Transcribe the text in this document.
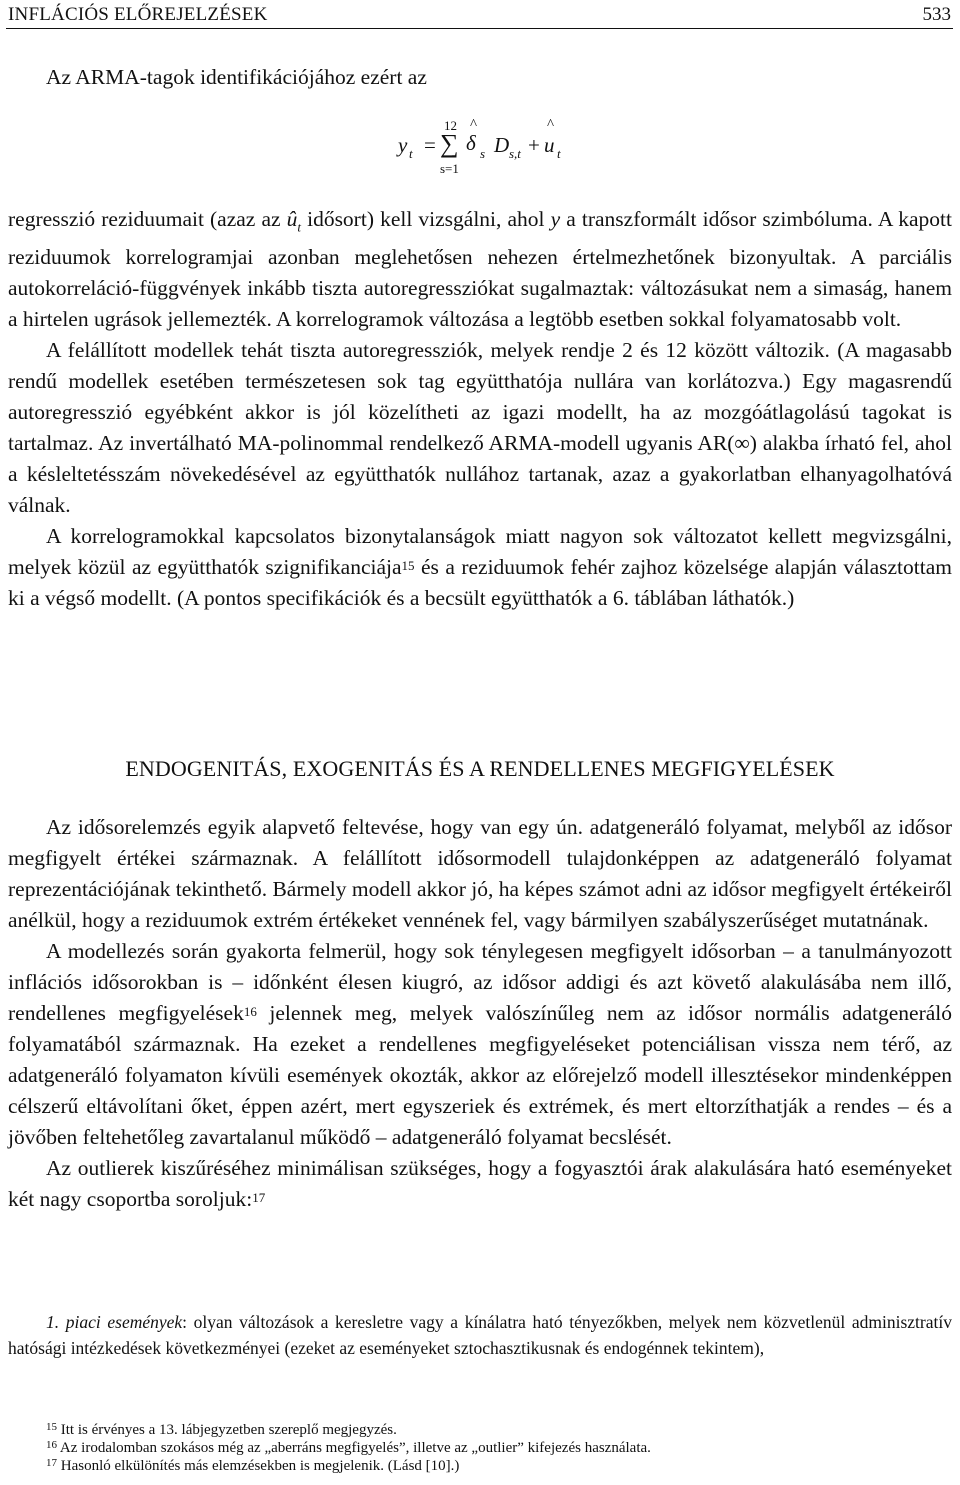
INFLÁCIÓS ELŐREJELZÉSEK	533

Az ARMA-tagok identifikációjához ezért az

y t =
12
∑
s=1
^
δ s D s,t +
^
u t

regresszió reziduumait (azaz az $û_t$ idősort) kell vizsgálni, ahol y a transzformált idősor szimbóluma. A kapott reziduumok korrelogramjai azonban meglehetősen nehezen értelmezhetőnek bizonyultak. A parciális autokorreláció-függvények inkább tiszta autoregressziókat sugalmaztak: változásukat nem a simaság, hanem a hirtelen ugrások jellemezték. A korrelogramok változása a legtöbb esetben sokkal folyamatosabb volt.

A felállított modellek tehát tiszta autoregressziók, melyek rendje 2 és 12 között változik. (A magasabb rendű modellek esetében természetesen sok tag együtthatója nullára van korlátozva.) Egy magasrendű autoregresszió egyébként akkor is jól közelítheti az igazi modellt, ha az mozgóátlagolású tagokat is tartalmaz. Az invertálható MA-polinommal rendelkező ARMA-modell ugyanis AR(∞) alakba írható fel, ahol a késleltetésszám növekedésével az együtthatók nullához tartanak, azaz a gyakorlatban elhanyagolhatóvá válnak.

A korrelogramokkal kapcsolatos bizonytalanságok miatt nagyon sok változatot kellett megvizsgálni, melyek közül az együtthatók szignifikanciája$^{15}$ és a reziduumok fehér zajhoz közelsége alapján választottam ki a végső modellt. (A pontos specifikációk és a becsült együtthatók a 6. táblában láthatók.)

ENDOGENITÁS, EXOGENITÁS ÉS A RENDELLENES MEGFIGYELÉSEK

Az idősorelemzés egyik alapvető feltevése, hogy van egy ún. adatgeneráló folyamat, melyből az idősor megfigyelt értékei származnak. A felállított idősormodell tulajdonképpen az adatgeneráló folyamat reprezentációjának tekinthető. Bármely modell akkor jó, ha képes számot adni az idősor megfigyelt értékeiről anélkül, hogy a reziduumok extrém értékeket vennének fel, vagy bármilyen szabályszerűséget mutatnának.

A modellezés során gyakorta felmerül, hogy sok ténylegesen megfigyelt idősorban – a tanulmányozott inflációs idősorokban is – időnként élesen kiugró, az idősor addigi és azt követő alakulásába nem illő, rendellenes megfigyelések$^{16}$ jelennek meg, melyek valószínűleg nem az idősor normális adatgeneráló folyamatából származnak. Ha ezeket a rendellenes megfigyeléseket potenciálisan vissza nem térő, az adatgeneráló folyamaton kívüli események okozták, akkor az előrejelző modell illesztésekor mindenképpen célszerű eltávolítani őket, éppen azért, mert egyszeriek és extrémek, és mert eltorzíthatják a rendes – és a jövőben feltehetőleg zavartalanul működő – adatgeneráló folyamat becslését.

Az outlierek kiszűréséhez minimálisan szükséges, hogy a fogyasztói árak alakulására ható eseményeket két nagy csoportba soroljuk:$^{17}$

1. piaci események: olyan változások a keresletre vagy a kínálatra ható tényezőkben, melyek nem közvetlenül adminisztratív hatósági intézkedések következményei (ezeket az eseményeket sztochasztikusnak és endogénnek tekintem),

$^{15}$ Itt is érvényes a 13. lábjegyzetben szereplő megjegyzés.

$^{16}$ Az irodalomban szokásos még az „aberráns megfigyelés”, illetve az „outlier” kifejezés használata.

$^{17}$ Hasonló elkülönítés más elemzésekben is megjelenik. (Lásd [10].)
